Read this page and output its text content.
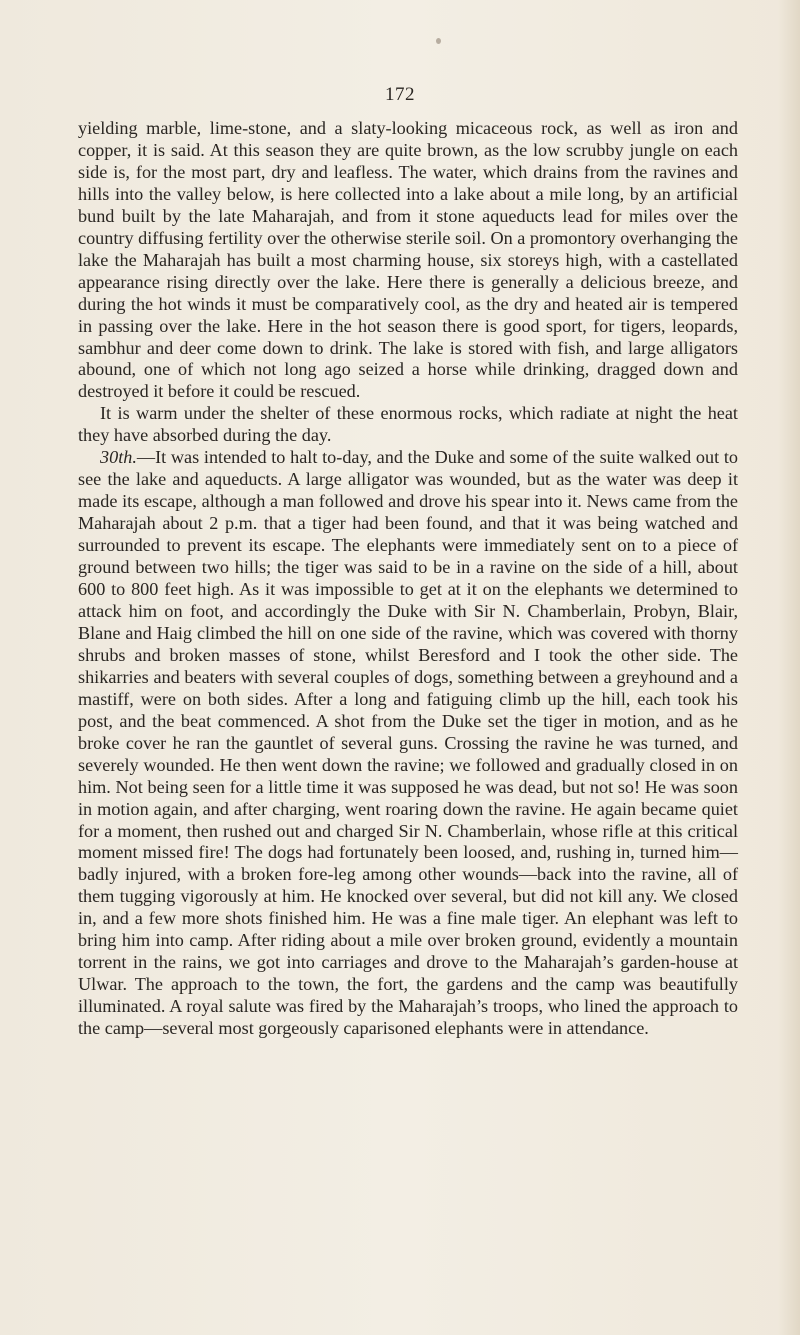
172

yielding marble, lime-stone, and a slaty-looking micaceous rock, as well as iron and copper, it is said. At this season they are quite brown, as the low scrubby jungle on each side is, for the most part, dry and leafless. The water, which drains from the ravines and hills into the valley below, is here collected into a lake about a mile long, by an artificial bund built by the late Maharajah, and from it stone aqueducts lead for miles over the country diffusing fertility over the otherwise sterile soil. On a promontory overhanging the lake the Maharajah has built a most charming house, six storeys high, with a castellated appearance rising directly over the lake. Here there is generally a delicious breeze, and during the hot winds it must be comparatively cool, as the dry and heated air is tempered in passing over the lake. Here in the hot season there is good sport, for tigers, leopards, sambhur and deer come down to drink. The lake is stored with fish, and large alligators abound, one of which not long ago seized a horse while drinking, dragged down and destroyed it before it could be rescued.

It is warm under the shelter of these enormous rocks, which radiate at night the heat they have absorbed during the day.

30th.—It was intended to halt to-day, and the Duke and some of the suite walked out to see the lake and aqueducts. A large alligator was wounded, but as the water was deep it made its escape, although a man followed and drove his spear into it. News came from the Maharajah about 2 p.m. that a tiger had been found, and that it was being watched and surrounded to prevent its escape. The elephants were immediately sent on to a piece of ground between two hills; the tiger was said to be in a ravine on the side of a hill, about 600 to 800 feet high. As it was impossible to get at it on the elephants we determined to attack him on foot, and accordingly the Duke with Sir N. Chamberlain, Probyn, Blair, Blane and Haig climbed the hill on one side of the ravine, which was covered with thorny shrubs and broken masses of stone, whilst Beresford and I took the other side. The shikarries and beaters with several couples of dogs, something between a greyhound and a mastiff, were on both sides. After a long and fatiguing climb up the hill, each took his post, and the beat commenced. A shot from the Duke set the tiger in motion, and as he broke cover he ran the gauntlet of several guns. Crossing the ravine he was turned, and severely wounded. He then went down the ravine; we followed and gradually closed in on him. Not being seen for a little time it was supposed he was dead, but not so! He was soon in motion again, and after charging, went roaring down the ravine. He again became quiet for a moment, then rushed out and charged Sir N. Chamberlain, whose rifle at this critical moment missed fire! The dogs had fortunately been loosed, and, rushing in, turned him—badly injured, with a broken fore-leg among other wounds—back into the ravine, all of them tugging vigorously at him. He knocked over several, but did not kill any. We closed in, and a few more shots finished him. He was a fine male tiger. An elephant was left to bring him into camp. After riding about a mile over broken ground, evidently a mountain torrent in the rains, we got into carriages and drove to the Maharajah’s garden-house at Ulwar. The approach to the town, the fort, the gardens and the camp was beautifully illuminated. A royal salute was fired by the Maharajah’s troops, who lined the approach to the camp—several most gorgeously caparisoned elephants were in attendance.
